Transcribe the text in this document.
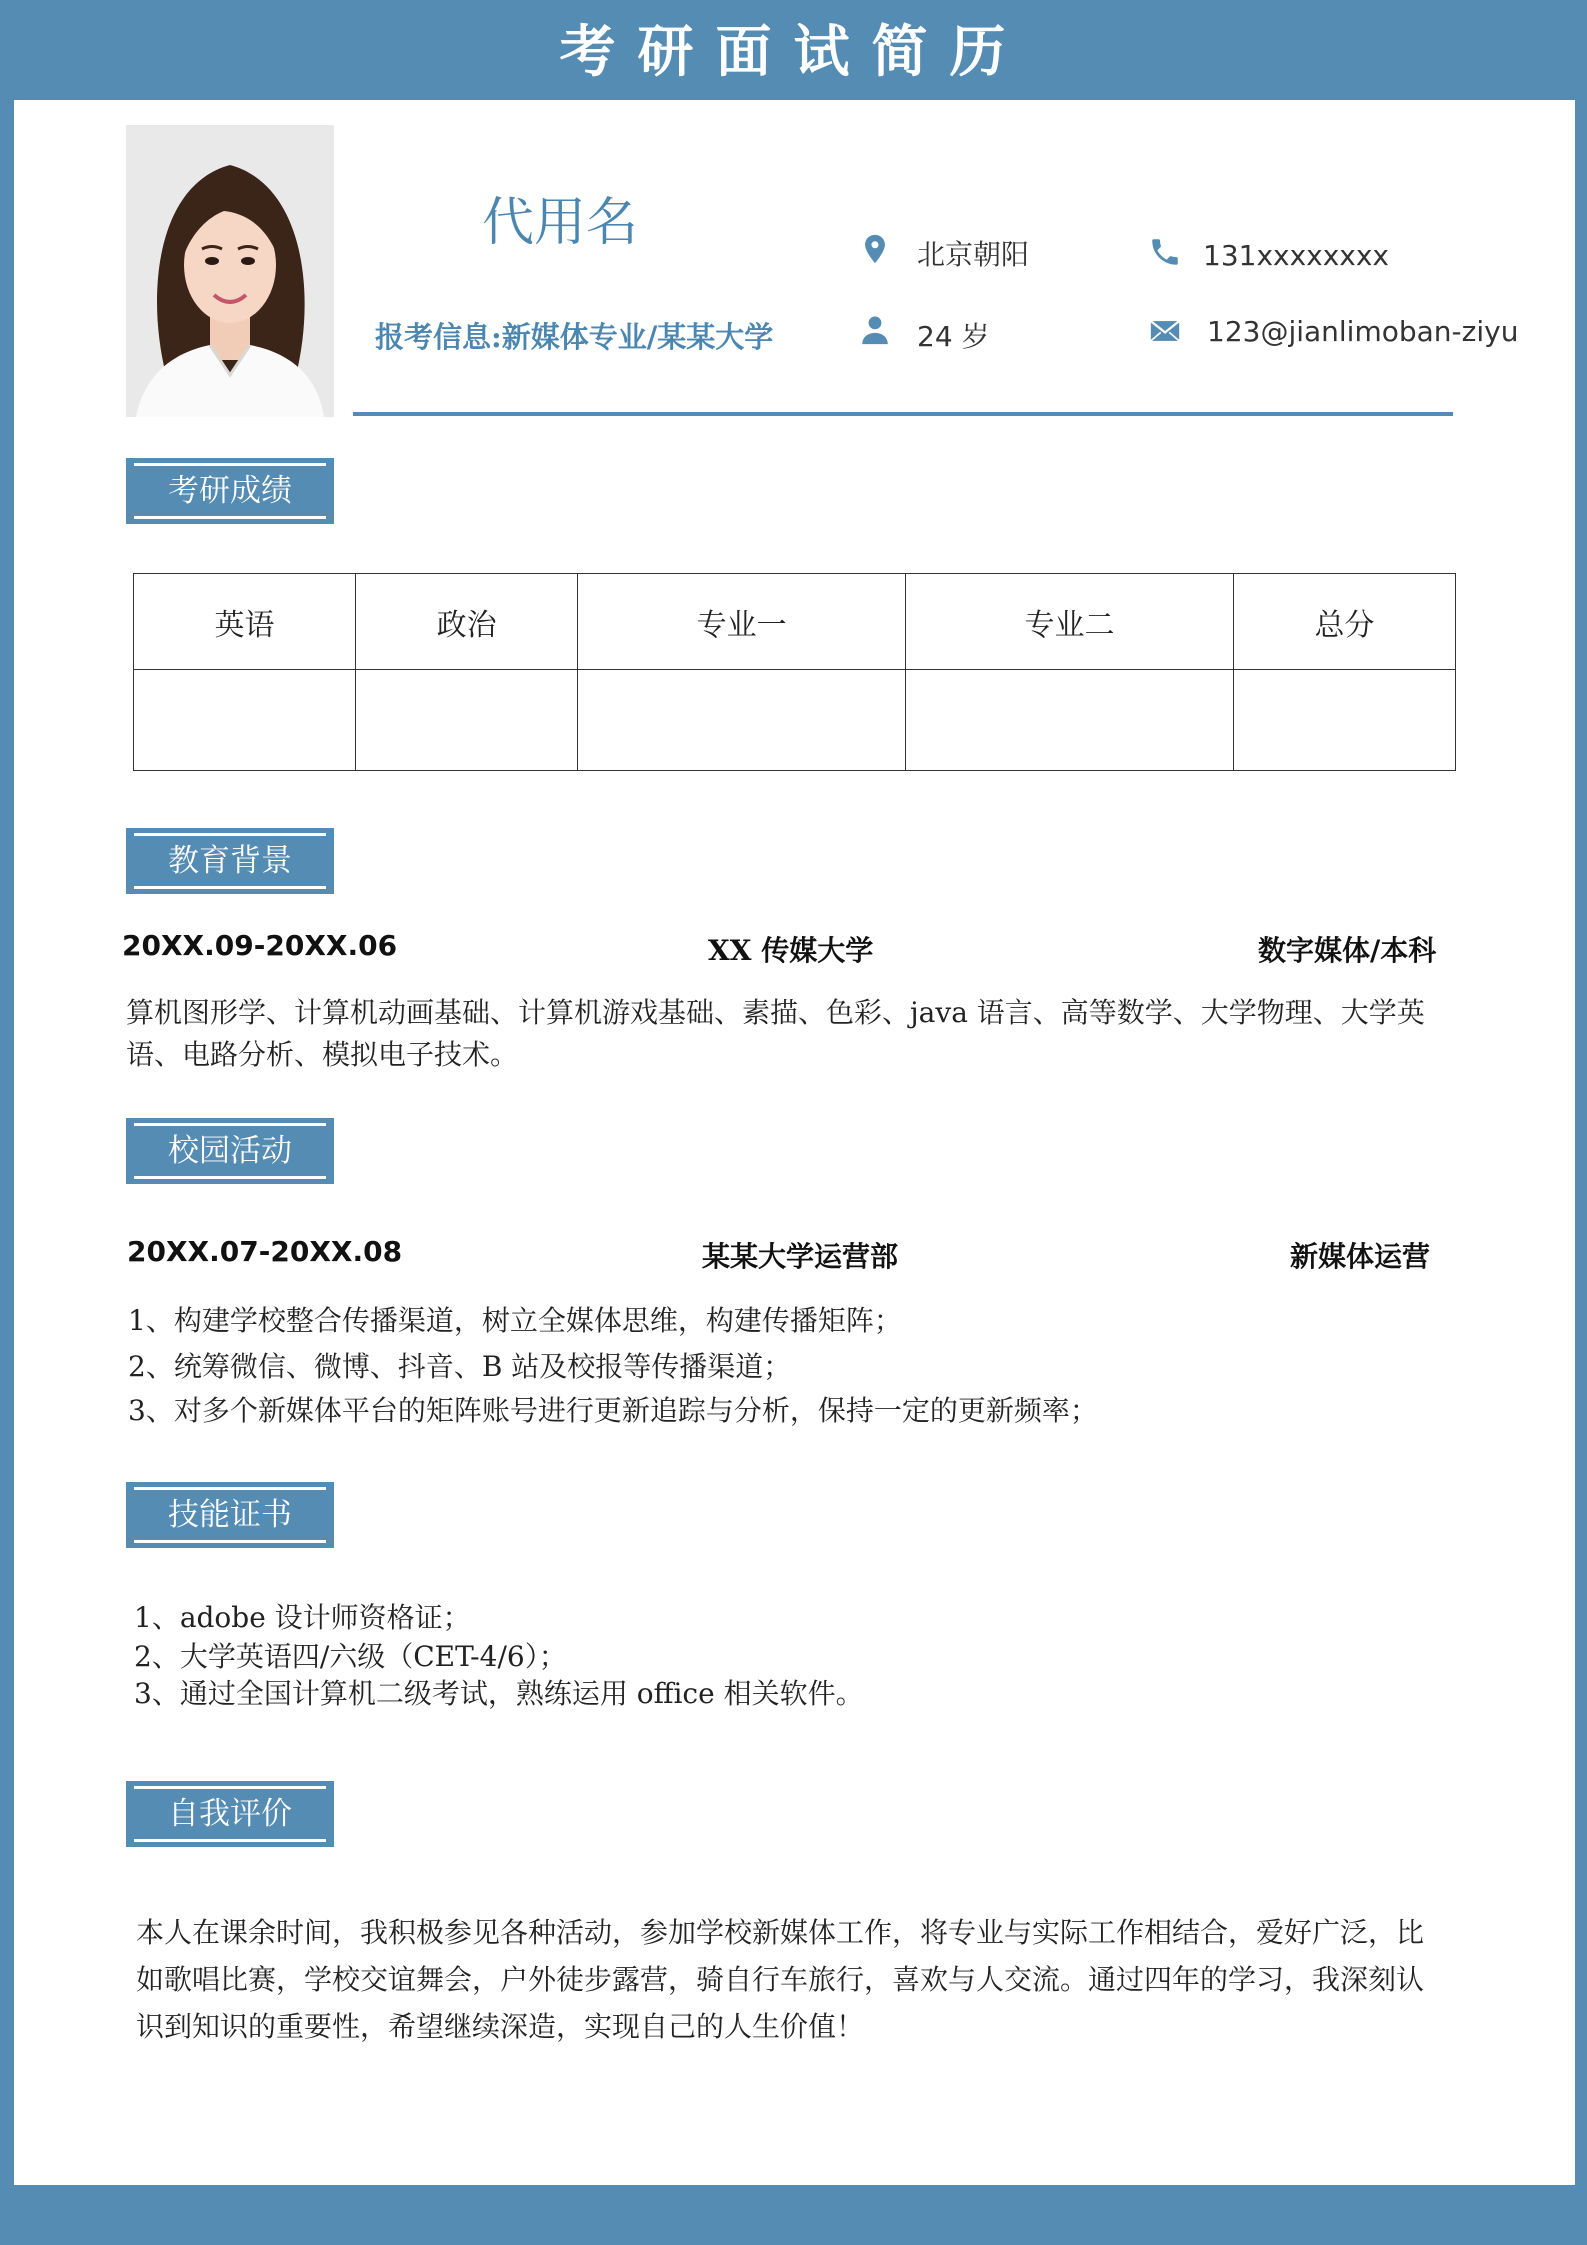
考研面试简历
代用名
报考信息:新媒体专业/某某大学
北京朝阳	131xxxxxxxx
24 岁	123@jianlimoban-ziyu
考研成绩
英语	政治	专业一	专业二	总分

教育背景
20XX.09-20XX.06	XX 传媒大学	数字媒体/本科
算机图形学、计算机动画基础、计算机游戏基础、素描、色彩、java 语言、高等数学、大学物理、大学英语、电路分析、模拟电子技术。
校园活动
20XX.07-20XX.08	某某大学运营部	新媒体运营
1、构建学校整合传播渠道，树立全媒体思维，构建传播矩阵；
2、统筹微信、微博、抖音、B 站及校报等传播渠道；
3、对多个新媒体平台的矩阵账号进行更新追踪与分析，保持一定的更新频率；
技能证书
1、adobe 设计师资格证；
2、大学英语四/六级（CET-4/6）；
3、通过全国计算机二级考试，熟练运用 office 相关软件。
自我评价
本人在课余时间，我积极参见各种活动，参加学校新媒体工作，将专业与实际工作相结合，爱好广泛，比如歌唱比赛，学校交谊舞会，户外徒步露营，骑自行车旅行，喜欢与人交流。通过四年的学习，我深刻认识到知识的重要性，希望继续深造，实现自己的人生价值！
